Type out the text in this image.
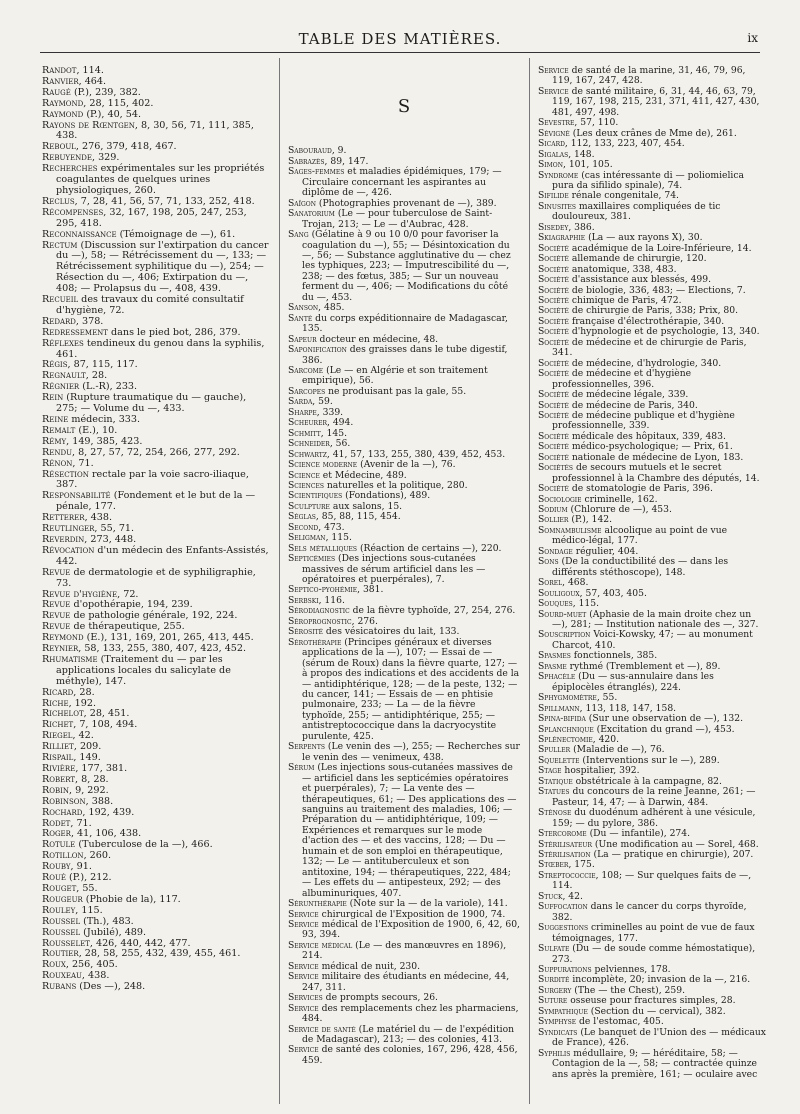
TABLE DES MATIÈRES.	ix

Randot, 114.

Ranvier, 464.

Raugé (P.), 239, 382.

Raymond, 28, 115, 402.

Raymond (P.), 40, 54.

Rayons de Rœntgen, 8, 30, 56, 71, 111, 385, 438.

Reboul, 276, 379, 418, 467.

Rebuyende, 329.

Recherches expérimentales sur les propriétés coagulantes de quelques urines physiologiques, 260.

Reclus, 7, 28, 41, 56, 57, 71, 133, 252, 418.

Récompenses, 32, 167, 198, 205, 247, 253, 295, 418.

Reconnaissance (Témoignage de —), 61.

Rectum (Discussion sur l'extirpation du cancer du —), 58; — Rétrécissement du —, 133; — Rétrécissement syphilitique du —), 254; — Résection du —, 406; Extirpation du —, 408; — Prolapsus du —, 408, 439.

Recueil des travaux du comité consultatif d'hygiène, 72.

Redard, 378.

Redressement dans le pied bot, 286, 379.

Réflexes tendineux du genou dans la syphilis, 461.

Régis, 87, 115, 117.

Regnault, 28.

Régnier (L.-R), 233.

Rein (Rupture traumatique du — gauche), 275; — Volume du —, 433.

Reine médecin, 333.

Remalt (E.), 10.

Rémy, 149, 385, 423.

Rendu, 8, 27, 57, 72, 254, 266, 277, 292.

Rénon, 71.

Résection rectale par la voie sacro-iliaque, 387.

Responsabilité (Fondement et le but de la — pénale, 177.

Retterer, 438.

Reutlinger, 55, 71.

Reverdin, 273, 448.

Révocation d'un médecin des Enfants-Assistés, 442.

Revue de dermatologie et de syphiligraphie, 73.

Revue d'hygiène, 72.

Revue d'opothérapie, 194, 239.

Revue de pathologie générale, 192, 224.

Revue de thérapeutique, 255.

Reymond (E.), 131, 169, 201, 265, 413, 445.

Reynier, 58, 133, 255, 380, 407, 423, 452.

Rhumatisme (Traitement du — par les applications locales du salicylate de méthyle), 147.

Ricard, 28.

Riche, 192.

Richelot, 28, 451.

Richet, 7, 108, 494.

Riegel, 42.

Rilliet, 209.

Rispail, 149.

Rivière, 177, 381.

Robert, 8, 28.

Robin, 9, 292.

Robinson, 388.

Rochard, 192, 439.

Rodet, 71.

Roger, 41, 106, 438.

Rotule (Tuberculose de la —), 466.

Rotillon, 260.

Rouby, 91.

Roué (P.), 212.

Rouget, 55.

Rougeur (Phobie de la), 117.

Rouley, 115.

Roussel (Th.), 483.

Roussel (Jubilé), 489.

Rousselet, 426, 440, 442, 477.

Routier, 28, 58, 255, 432, 439, 455, 461.

Roux, 256, 405.

Rouxeau, 438.

Rubans (Des —), 248.

S

Sabouraud, 9.

Sabrazès, 89, 147.

Sages-femmes et maladies épidémiques, 179; — Circulaire concernant les aspirantes au diplôme de —, 426.

Saïgon (Photographies provenant de —), 389.

Sanatorium (Le — pour tuberculose de Saint-Trojan, 213; — Le — d'Aubrac, 428.

Sang (Gélatine à 9 ou 10 0/0 pour favoriser la coagulation du —), 55; — Désintoxication du —, 56; — Substance agglutinative du — chez les typhiques, 223; — Imputrescibilité du —, 238; — des fœtus, 385; — Sur un nouveau ferment du —, 406; — Modifications du côté du —, 453.

Sanson, 485.

Santé du corps expéditionnaire de Madagascar, 135.

Sapeur docteur en médecine, 48.

Saponification des graisses dans le tube digestif, 386.

Sarcome (Le — en Algérie et son traitement empirique), 56.

Sarcopes ne produisant pas la gale, 55.

Sarda, 59.

Sharpe, 339.

Scheurer, 494.

Schmitt, 145.

Schneider, 56.

Schwartz, 41, 57, 133, 255, 380, 439, 452, 453.

Science moderne (Avenir de la —), 76.

Science et Médecine, 489.

Sciences naturelles et la politique, 280.

Scientifiques (Fondations), 489.

Sculpture aux salons, 15.

Séglas, 85, 88, 115, 454.

Second, 473.

Seligman, 115.

Sels métalliques (Réaction de certains —), 220.

Septicémies (Des injections sous-cutanées massives de sérum artificiel dans les — opératoires et puerpérales), 7.

Septico-pyohémie, 381.

Serbski, 116.

Sérodiagnostic de la fièvre typhoïde, 27, 254, 276.

Séroprognostic, 276.

Sérosité des vésicatoires du lait, 133.

Sérothérapie (Principes généraux et diverses applications de la —), 107; — Essai de — (sérum de Roux) dans la fièvre quarte, 127; — à propos des indications et des accidents de la — antidiphtérique, 128; — de la peste, 132; — du cancer, 141; — Essais de — en phtisie pulmonaire, 233; — La — de la fièvre typhoïde, 255; — antidiphtérique, 255; — antistreptococcique dans la dacryocystite purulente, 425.

Serpents (Le venin des —), 255; — Recherches sur le venin des — venimeux, 438.

Sérum (Les injections sous-cutanées massives de — artificiel dans les septicémies opératoires et puerpérales), 7; — La vente des — thérapeutiques, 61; — Des applications des — sanguins au traitement des maladies, 106; — Préparation du — antidiphtérique, 109; — Expériences et remarques sur le mode d'action des — et des vaccins, 128; — Du — humain et de son emploi en thérapeutique, 132; — Le — antituberculeux et son antitoxine, 194; — thérapeutiques, 222, 484; — Les effets du — antipesteux, 292; — des albuminuriques, 407.

Sérunthérapie (Note sur la — de la variole), 141.

Service chirurgical de l'Exposition de 1900, 74.

Service médical de l'Exposition de 1900, 6, 42, 60, 93, 394.

Service médical (Le — des manœuvres en 1896), 214.

Service médical de nuit, 230.

Service militaire des étudiants en médecine, 44, 247, 311.

Services de prompts secours, 26.

Service des remplacements chez les pharmaciens, 484.

Service de santé (Le matériel du — de l'expédition de Madagascar), 213; — des colonies, 413.

Service de santé des colonies, 167, 296, 428, 456, 459.

Service de santé de la marine, 31, 46, 79, 96, 119, 167, 247, 428.

Service de santé militaire, 6, 31, 44, 46, 63, 79, 119, 167, 198, 215, 231, 371, 411, 427, 430, 481, 497, 498.

Sevestre, 57, 110.

Sévigné (Les deux crânes de Mme de), 261.

Sicard, 112, 133, 223, 407, 454.

Sigalas, 148.

Simon, 101, 105.

Syndrome (cas intéressante di — poliomielica pura da sifilido spinale), 74.

Sifilide rénale congenitale, 74.

Sinusites maxillaires compliquées de tic douloureux, 381.

Sisedey, 386.

Skiagraphie (La — aux rayons X), 30.

Société académique de la Loire-Inférieure, 14.

Société allemande de chirurgie, 120.

Société anatomique, 338, 483.

Société d'assistance aux blessés, 499.

Société de biologie, 336, 483; — Elections, 7.

Société chimique de Paris, 472.

Société de chirurgie de Paris, 338; Prix, 80.

Société française d'électrothérapie, 340.

Société d'hypnologie et de psychologie, 13, 340.

Société de médecine et de chirurgie de Paris, 341.

Société de médecine, d'hydrologie, 340.

Société de médecine et d'hygiène professionnelles, 396.

Société de médecine légale, 339.

Société de médecine de Paris, 340.

Société de médecine publique et d'hygiène professionnelle, 339.

Société médicale des hôpitaux, 339, 483.

Société médico-psychologique; — Prix, 61.

Société nationale de médecine de Lyon, 183.

Sociétés de secours mutuels et le secret professionnel à la Chambre des députés, 14.

Société de stomatologie de Paris, 396.

Sociologie criminelle, 162.

Sodium (Chlorure de —), 453.

Sollier (P.), 142.

Somnambulisme alcoolique au point de vue médico-légal, 177.

Sondage régulier, 404.

Sons (De la conductibilité des — dans les différents stéthoscope), 148.

Sorel, 468.

Souligoux, 57, 403, 405.

Souques, 115.

Sourd-muet (Aphasie de la main droite chez un —), 281; — Institution nationale des —, 327.

Souscription Voici-Kowsky, 47; — au monument Charcot, 410.

Spasmes fonctionnels, 385.

Spasme rythmé (Tremblement et —), 89.

Sphacèle (Du — sus-annulaire dans les épiplocèles étranglés), 224.

Sphygmomètre, 55.

Spillmann, 113, 118, 147, 158.

Spina-bifida (Sur une observation de —), 132.

Splanchnique (Excitation du grand —), 453.

Splénectomie, 420.

Spuller (Maladie de —), 76.

Squelette (Interventions sur le —), 289.

Stage hospitalier, 392.

Statique obstétricale à la campagne, 82.

Statues du concours de la reine Jeanne, 261; — Pasteur, 14, 47; — à Darwin, 484.

Sténose du duodénum adhérent à une vésicule, 159; — du pylore, 386.

Stercorome (Du — infantile), 274.

Stérilisateur (Une modification au — Sorel, 468.

Stérilisation (La — pratique en chirurgie), 207.

Stœber, 175.

Streptococcie, 108; — Sur quelques faits de —, 114.

Stuck, 42.

Suffocation dans le cancer du corps thyroïde, 382.

Suggestions criminelles au point de vue de faux témoignages, 177.

Sulfate (Du — de soude comme hémostatique), 273.

Suppurations pelviennes, 178.

Surdité incomplète, 20; invasion de la —, 216.

Surgery (The — the Chest), 259.

Suture osseuse pour fractures simples, 28.

Sympathique (Section du — cervical), 382.

Symphyse de l'estomac, 405.

Syndicats (Le banquet de l'Union des — médicaux de France), 426.

Syphilis médullaire, 9; — héréditaire, 58; — Contagion de la —, 58; — contractée quinze ans après la première, 161; — oculaire avec
